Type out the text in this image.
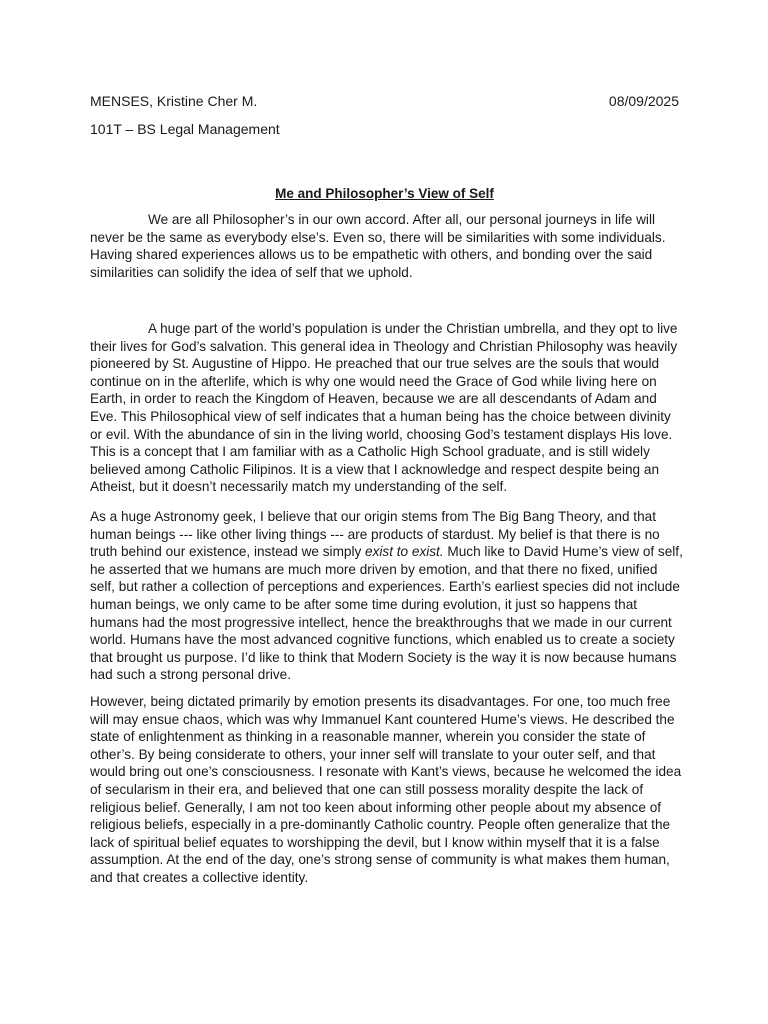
MENSES, Kristine Cher M.	08/09/2025
101T – BS Legal Management
Me and Philosopher’s View of Self

We are all Philosopher’s in our own accord. After all, our personal journeys in life will never be the same as everybody else’s. Even so, there will be similarities with some individuals. Having shared experiences allows us to be empathetic with others, and bonding over the said similarities can solidify the idea of self that we uphold.

A huge part of the world’s population is under the Christian umbrella, and they opt to live their lives for God’s salvation. This general idea in Theology and Christian Philosophy was heavily pioneered by St. Augustine of Hippo. He preached that our true selves are the souls that would continue on in the afterlife, which is why one would need the Grace of God while living here on Earth, in order to reach the Kingdom of Heaven, because we are all descendants of Adam and Eve. This Philosophical view of self indicates that a human being has the choice between divinity or evil. With the abundance of sin in the living world, choosing God’s testament displays His love. This is a concept that I am familiar with as a Catholic High School graduate, and is still widely believed among Catholic Filipinos. It is a view that I acknowledge and respect despite being an Atheist, but it doesn’t necessarily match my understanding of the self.

As a huge Astronomy geek, I believe that our origin stems from The Big Bang Theory, and that human beings --- like other living things --- are products of stardust. My belief is that there is no truth behind our existence, instead we simply exist to exist. Much like to David Hume’s view of self, he asserted that we humans are much more driven by emotion, and that there no fixed, unified self, but rather a collection of perceptions and experiences. Earth’s earliest species did not include human beings, we only came to be after some time during evolution, it just so happens that humans had the most progressive intellect, hence the breakthroughs that we made in our current world. Humans have the most advanced cognitive functions, which enabled us to create a society that brought us purpose. I’d like to think that Modern Society is the way it is now because humans had such a strong personal drive.

However, being dictated primarily by emotion presents its disadvantages. For one, too much free will may ensue chaos, which was why Immanuel Kant countered Hume’s views. He described the state of enlightenment as thinking in a reasonable manner, wherein you consider the state of other’s. By being considerate to others, your inner self will translate to your outer self, and that would bring out one’s consciousness. I resonate with Kant’s views, because he welcomed the idea of secularism in their era, and believed that one can still possess morality despite the lack of religious belief. Generally, I am not too keen about informing other people about my absence of religious beliefs, especially in a pre-dominantly Catholic country. People often generalize that the lack of spiritual belief equates to worshipping the devil, but I know within myself that it is a false assumption. At the end of the day, one’s strong sense of community is what makes them human, and that creates a collective identity.
